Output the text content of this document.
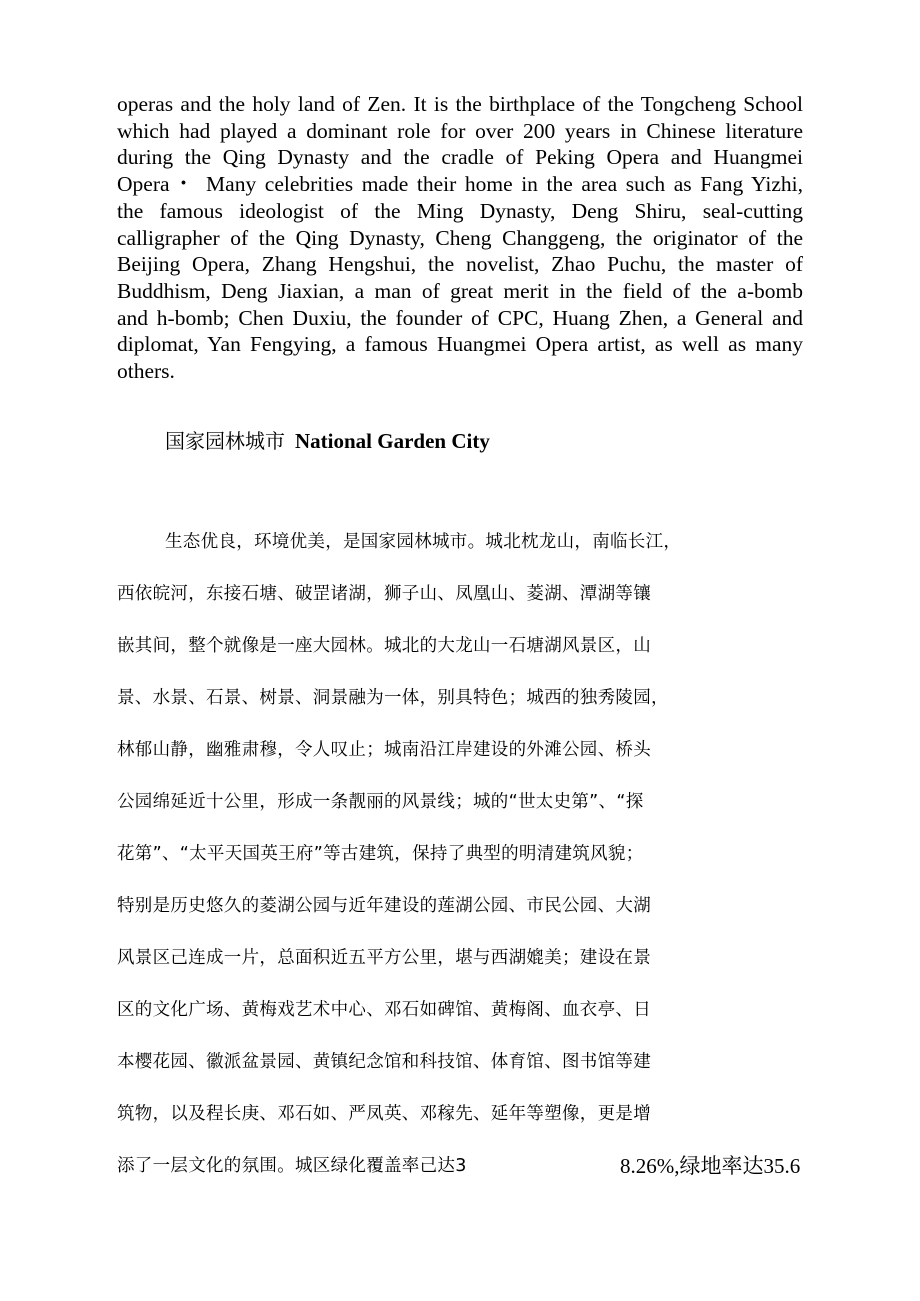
operas and the holy land of Zen. It is the birthplace of the Tongcheng School
which had played a dominant role for over 200 years in Chinese literature
during the Qing Dynasty and the cradle of Peking Opera and Huangmei
Opera・ Many celebrities made their home in the area such as Fang Yizhi,
the famous ideologist of the Ming Dynasty, Deng Shiru, seal-cutting
calligrapher of the Qing Dynasty, Cheng Changgeng, the originator of the
Beijing Opera, Zhang Hengshui, the novelist, Zhao Puchu, the master of
Buddhism, Deng Jiaxian, a man of great merit in the field of the a-bomb
and h-bomb; Chen Duxiu, the founder of CPC, Huang Zhen, a General and
diplomat, Yan Fengying, a famous Huangmei Opera artist, as well as many
others.
国家园林城市 National Garden City
生态优良，环境优美，是国家园林城市。城北枕龙山，南临长江，
西依皖河，东接石塘、破罡诸湖，狮子山、凤凰山、菱湖、潭湖等镶
嵌其间，整个就像是一座大园林。城北的大龙山一石塘湖风景区，山
景、水景、石景、树景、洞景融为一体，别具特色；城西的独秀陵园，
林郁山静，幽雅肃穆，令人叹止；城南沿江岸建设的外滩公园、桥头
公园绵延近十公里，形成一条靓丽的风景线；城的“世太史第”、“探
花第”、“太平天国英王府”等古建筑，保持了典型的明清建筑风貌；
特别是历史悠久的菱湖公园与近年建设的莲湖公园、市民公园、大湖
风景区己连成一片，总面积近五平方公里，堪与西湖媲美；建设在景
区的文化广场、黄梅戏艺术中心、邓石如碑馆、黄梅阁、血衣亭、日
本樱花园、徽派盆景园、黄镇纪念馆和科技馆、体育馆、图书馆等建
筑物，以及程长庚、邓石如、严凤英、邓稼先、延年等塑像，更是增
添了一层文化的氛围。城区绿化覆盖率己达3	8.26%,绿地率达35.6
